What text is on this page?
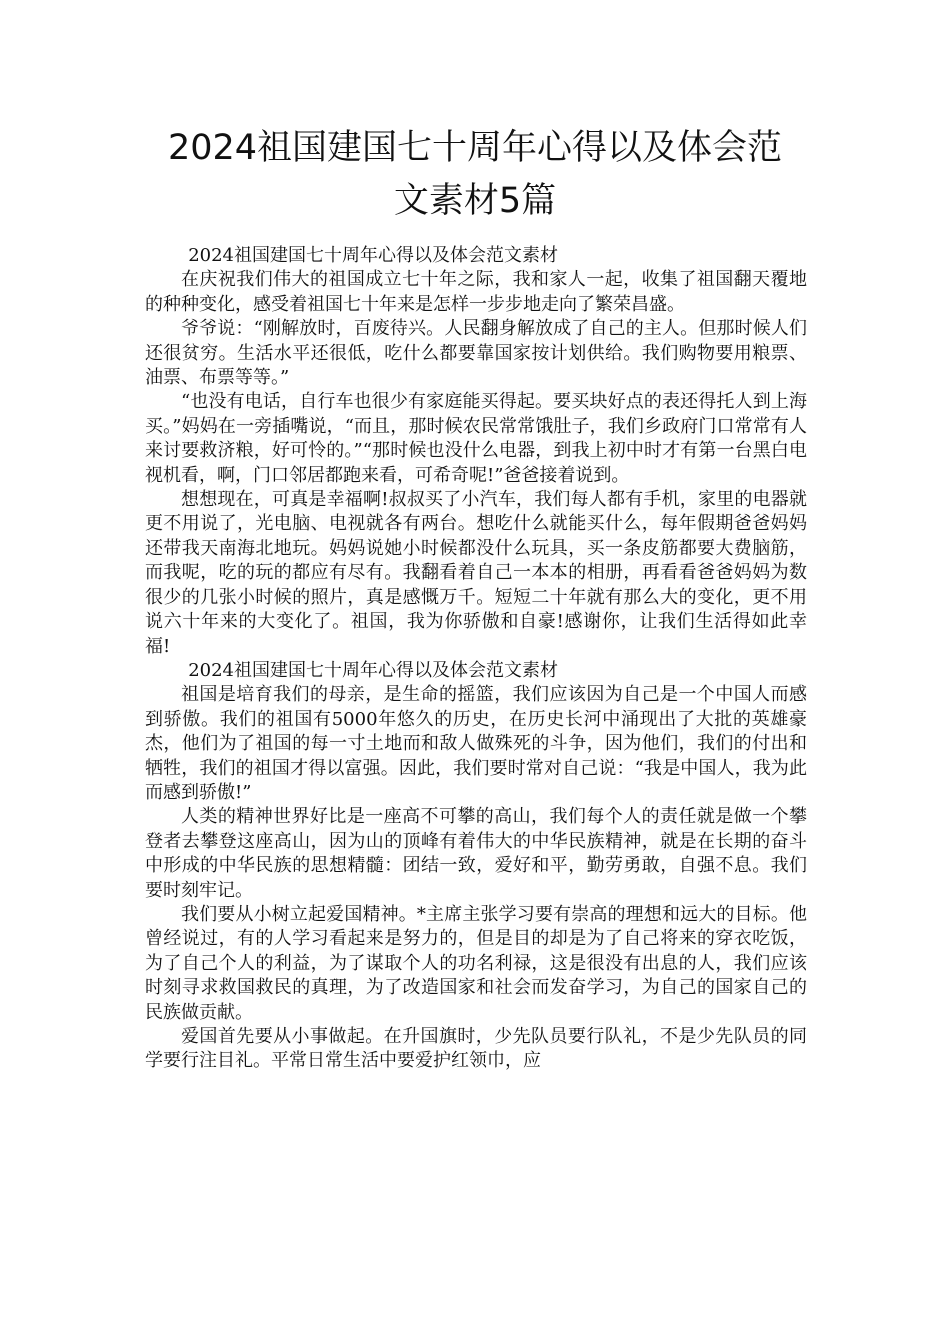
2024祖国建国七十周年心得以及体会范
文素材5篇

2024祖国建国七十周年心得以及体会范文素材

在庆祝我们伟大的祖国成立七十年之际，我和家人一起，收集了祖国翻天覆地的种种变化，感受着祖国七十年来是怎样一步步地走向了繁荣昌盛。

爷爷说：“刚解放时，百废待兴。人民翻身解放成了自己的主人。但那时候人们还很贫穷。生活水平还很低，吃什么都要靠国家按计划供给。我们购物要用粮票、油票、布票等等。”

“也没有电话，自行车也很少有家庭能买得起。要买块好点的表还得托人到上海买。”妈妈在一旁插嘴说，“而且，那时候农民常常饿肚子，我们乡政府门口常常有人来讨要救济粮，好可怜的。”“那时候也没什么电器，到我上初中时才有第一台黑白电视机看，啊，门口邻居都跑来看，可希奇呢!”爸爸接着说到。

想想现在，可真是幸福啊!叔叔买了小汽车，我们每人都有手机，家里的电器就更不用说了，光电脑、电视就各有两台。想吃什么就能买什么，每年假期爸爸妈妈还带我天南海北地玩。妈妈说她小时候都没什么玩具，买一条皮筋都要大费脑筋，而我呢，吃的玩的都应有尽有。我翻看着自己一本本的相册，再看看爸爸妈妈为数很少的几张小时候的照片，真是感慨万千。短短二十年就有那么大的变化，更不用说六十年来的大变化了。祖国，我为你骄傲和自豪!感谢你，让我们生活得如此幸福!

2024祖国建国七十周年心得以及体会范文素材

祖国是培育我们的母亲，是生命的摇篮，我们应该因为自己是一个中国人而感到骄傲。我们的祖国有5000年悠久的历史，在历史长河中涌现出了大批的英雄豪杰，他们为了祖国的每一寸土地而和敌人做殊死的斗争，因为他们，我们的付出和牺牲，我们的祖国才得以富强。因此，我们要时常对自己说：“我是中国人，我为此而感到骄傲!”

人类的精神世界好比是一座高不可攀的高山，我们每个人的责任就是做一个攀登者去攀登这座高山，因为山的顶峰有着伟大的中华民族精神，就是在长期的奋斗中形成的中华民族的思想精髓：团结一致，爱好和平，勤劳勇敢，自强不息。我们要时刻牢记。

我们要从小树立起爱国精神。*主席主张学习要有崇高的理想和远大的目标。他曾经说过，有的人学习看起来是努力的，但是目的却是为了自己将来的穿衣吃饭，为了自己个人的利益，为了谋取个人的功名利禄，这是很没有出息的人，我们应该时刻寻求救国救民的真理，为了改造国家和社会而发奋学习，为自己的国家自己的民族做贡献。

爱国首先要从小事做起。在升国旗时，少先队员要行队礼，不是少先队员的同学要行注目礼。平常日常生活中要爱护红领巾，应
